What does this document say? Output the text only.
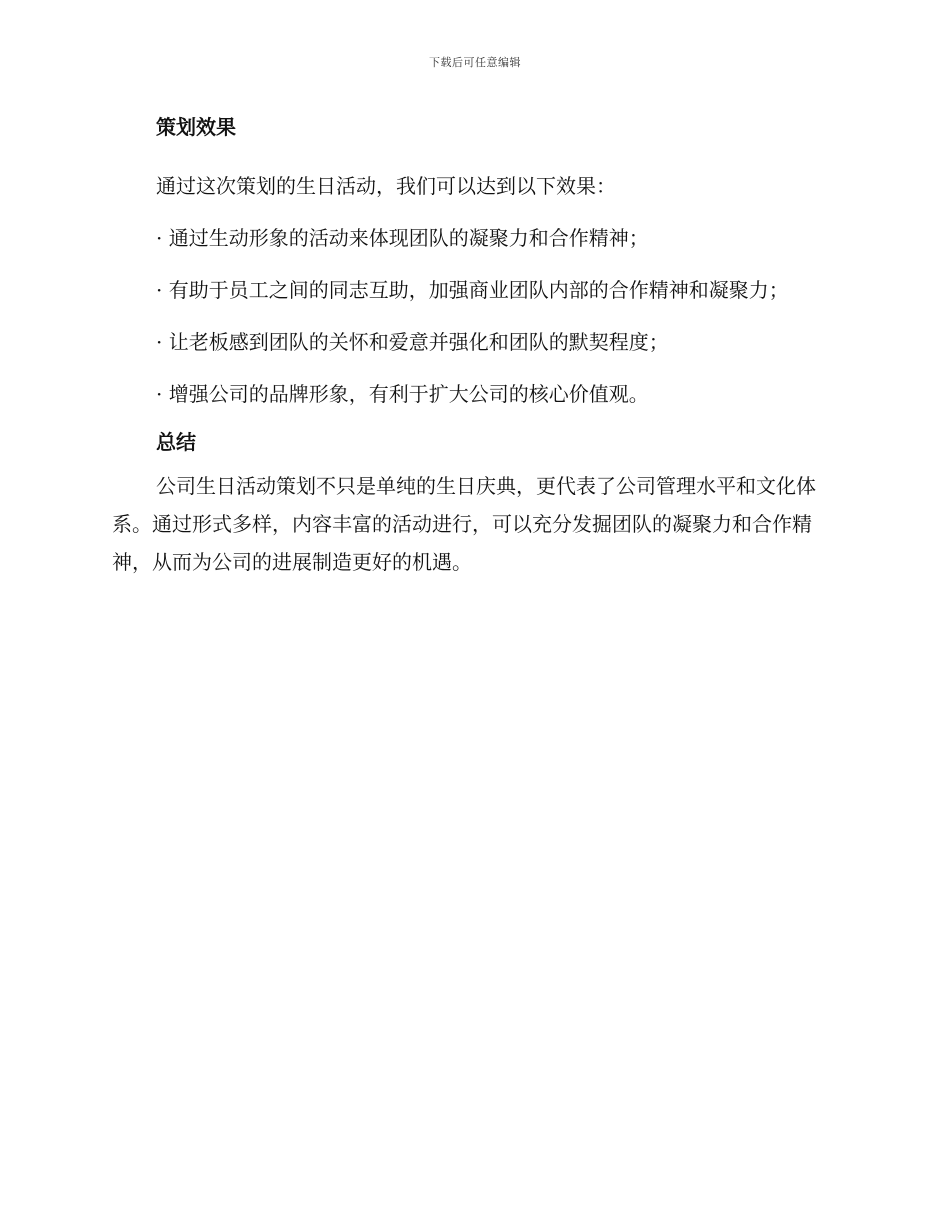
下载后可任意编辑
策划效果

通过这次策划的生日活动，我们可以达到以下效果：

· 通过生动形象的活动来体现团队的凝聚力和合作精神；

· 有助于员工之间的同志互助，加强商业团队内部的合作精神和凝聚力；

· 让老板感到团队的关怀和爱意并强化和团队的默契程度；

· 增强公司的品牌形象，有利于扩大公司的核心价值观。

总结

公司生日活动策划不只是单纯的生日庆典，更代表了公司管理水平和文化体系。通过形式多样，内容丰富的活动进行，可以充分发掘团队的凝聚力和合作精神，从而为公司的进展制造更好的机遇。
